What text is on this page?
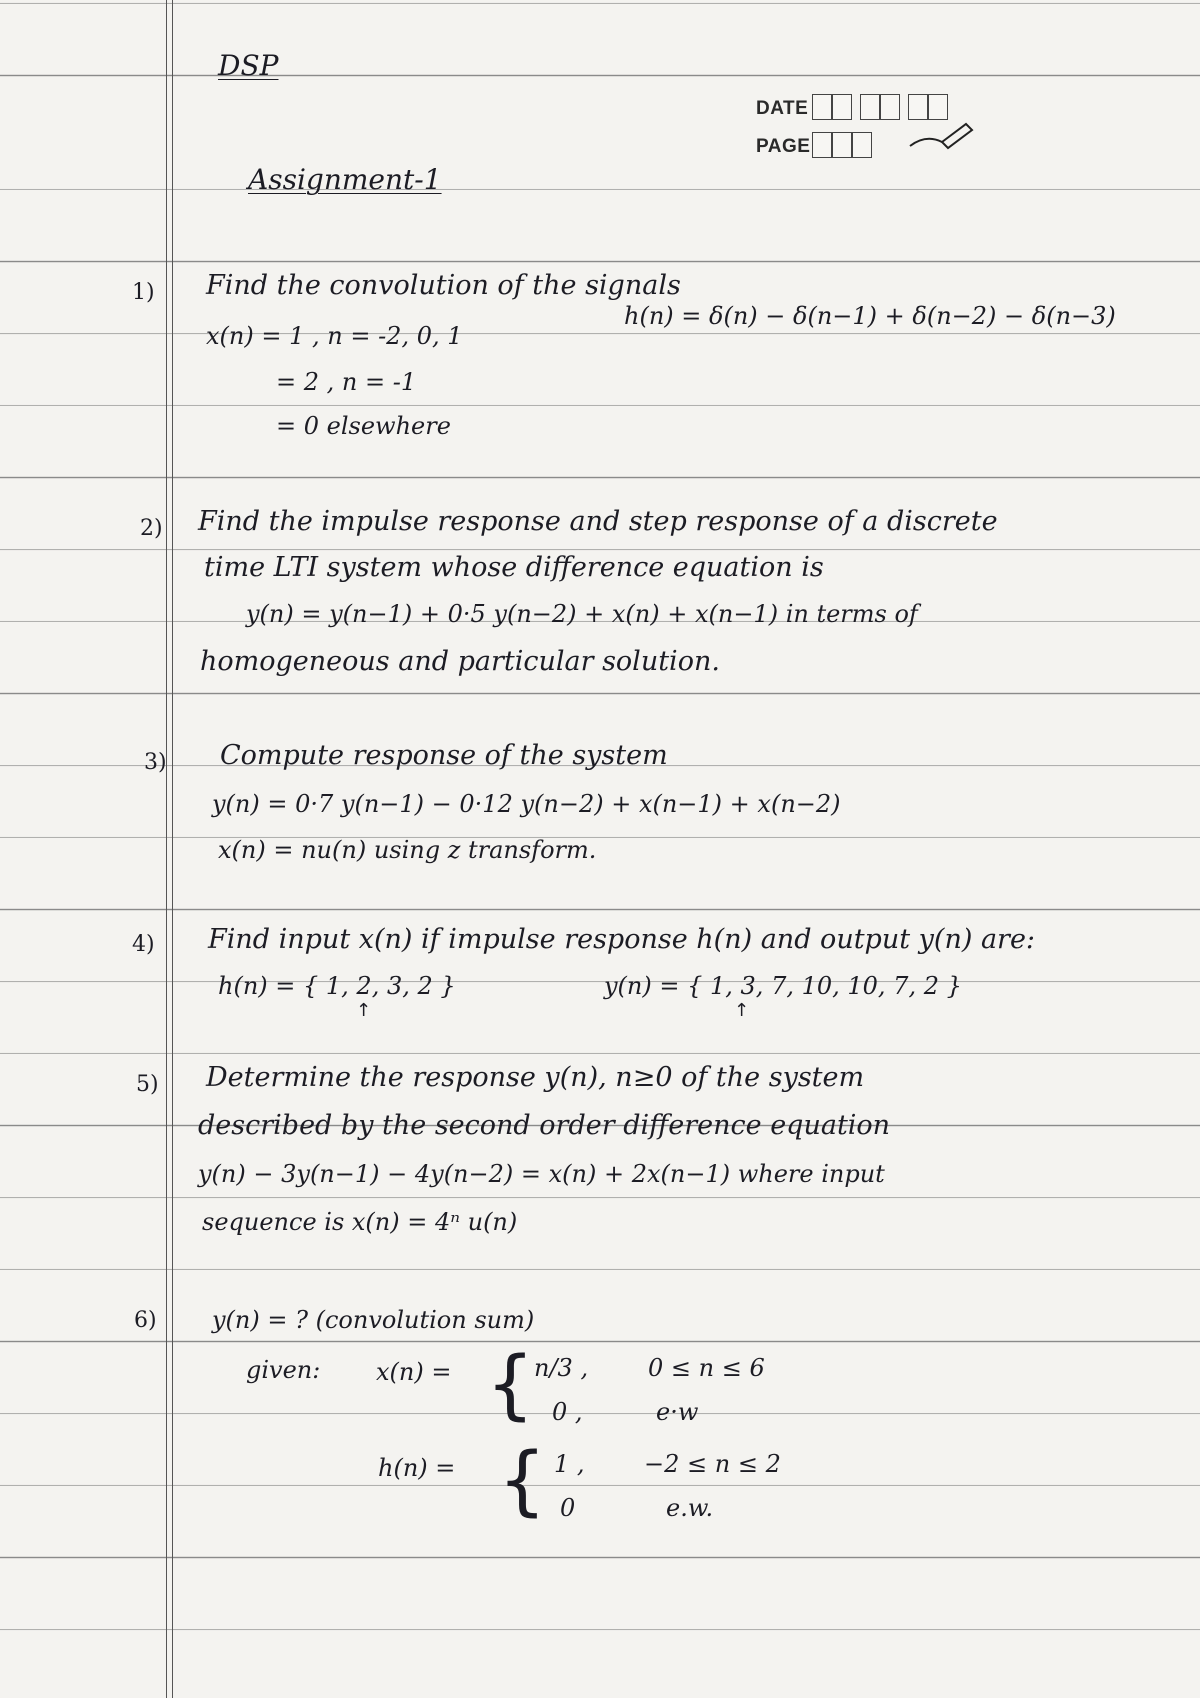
DSP
DATE
PAGE
Assignment-1
1) Find the convolution of the signals
x(n) = 1 , n = -2, 0, 1
h(n) = δ(n) − δ(n−1) + δ(n−2) − δ(n−3)
= 2 , n = -1
= 0 elsewhere
2) Find the impulse response and step response of a discrete
time LTI system whose difference equation is
y(n) = y(n−1) + 0·5 y(n−2) + x(n) + x(n−1) in terms of
homogeneous and particular solution.
3) Compute response of the system
y(n) = 0·7 y(n−1) − 0·12 y(n−2) + x(n−1) + x(n−2)
x(n) = nu(n) using z transform.
4) Find input x(n) if impulse response h(n) and output y(n) are:
h(n) = { 1, 2, 3, 2 }
↑
y(n) = { 1, 3, 7, 10, 10, 7, 2 }
↑
5) Determine the response y(n), n≥0 of the system
described by the second order difference equation
y(n) − 3y(n−1) − 4y(n−2) = x(n) + 2x(n−1) where input
sequence is x(n) = 4ⁿ u(n)
6) y(n) = ? (convolution sum)
given: x(n) = { n/3 , 0 ≤ n ≤ 6
0 ,	e·w
h(n) = { 1 , −2 ≤ n ≤ 2
0	e.w.
